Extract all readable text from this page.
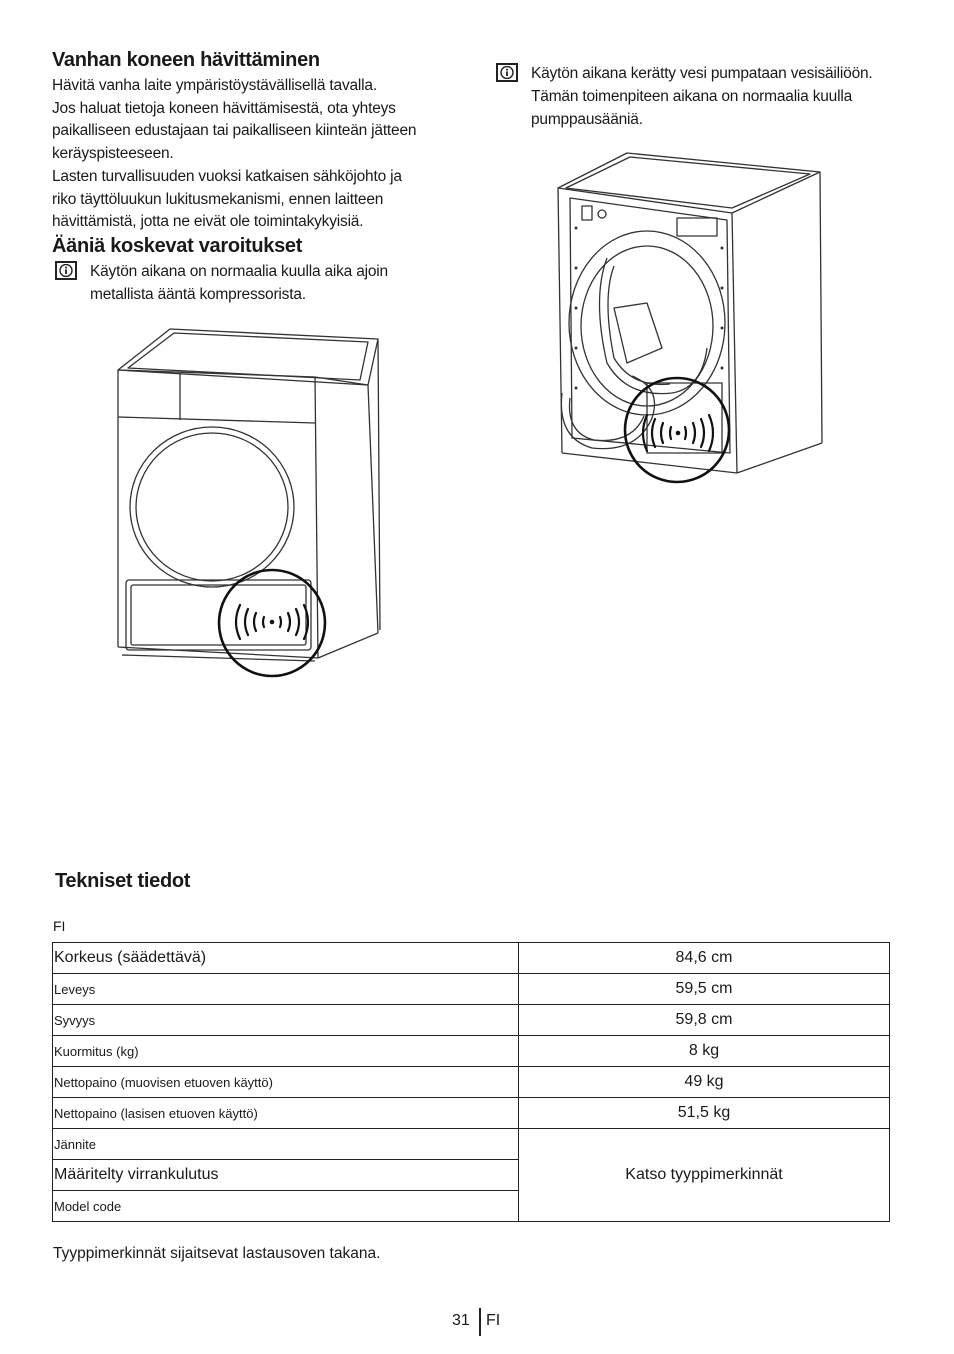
Vanhan koneen hävittäminen

Hävitä vanha laite ympäristöystävällisellä tavalla.

Jos haluat tietoja koneen hävittämisestä, ota yhteys

paikalliseen edustajaan tai paikalliseen kiinteän jätteen

keräyspisteeseen.

Lasten turvallisuuden vuoksi katkaisen sähköjohto ja

riko täyttöluukun lukitusmekanismi, ennen laitteen

hävittämistä, jotta ne eivät ole toimintakykyisiä.

Ääniä koskevat varoitukset
Käytön aikana on normaalia kuulla aika ajoin
metallista ääntä kompressorista.
Käytön aikana kerätty vesi pumpataan vesisäiliöön.
Tämän toimenpiteen aikana on normaalia kuulla
pumppausääniä.
Tekniset tiedot
FI
Korkeus (säädettävä)	84,6 cm
Leveys	59,5 cm
Syvyys	59,8 cm
Kuormitus (kg)	8 kg
Nettopaino (muovisen etuoven käyttö)	49 kg
Nettopaino (lasisen etuoven käyttö)	51,5 kg
Jännite	Katso tyyppimerkinnät
Määritelty virrankulutus	
Model code	
Tyyppimerkinnät sijaitsevat lastausoven takana.
31 FI
